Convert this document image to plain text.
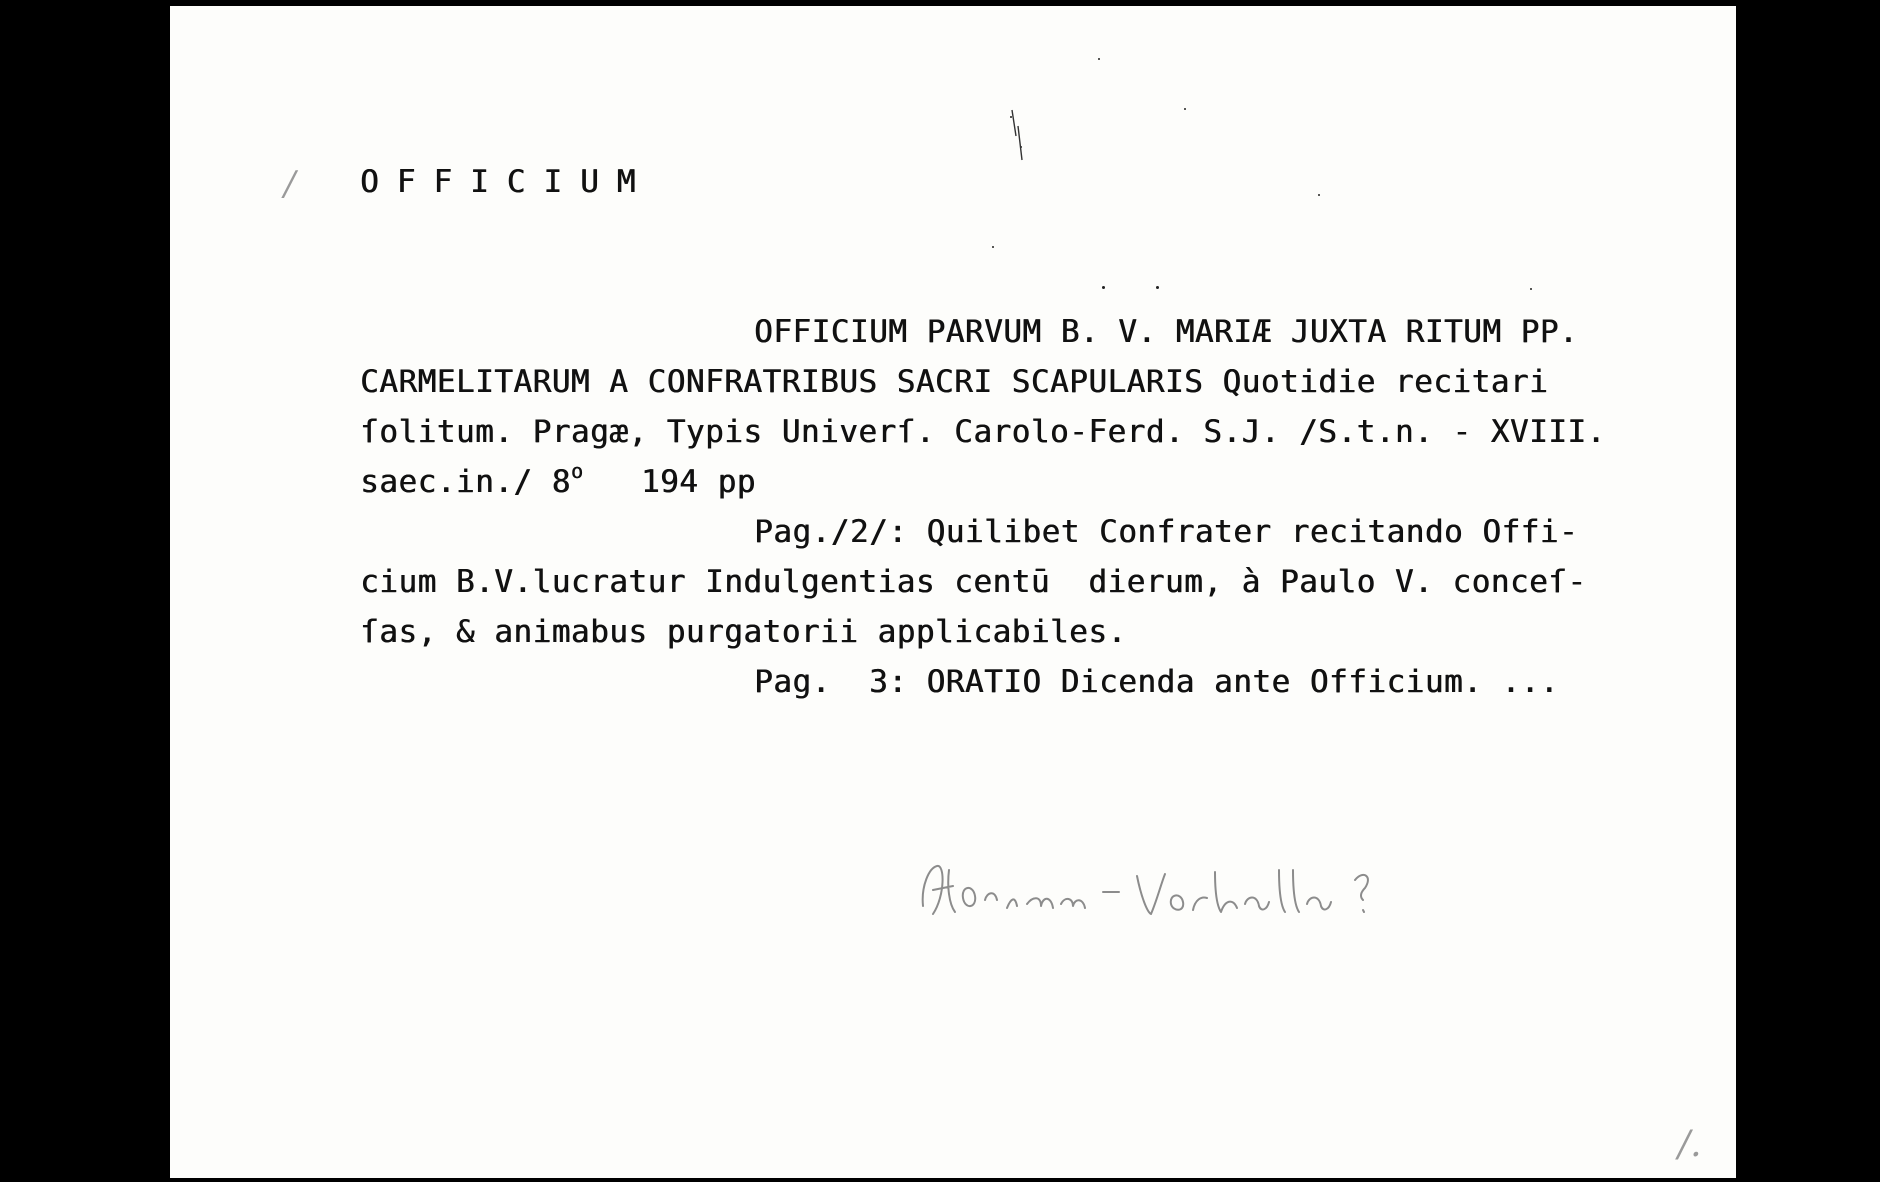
/ OFFICIUM
OFFICIUM PARVUM B. V. MARIÆ JUXTA RITUM PP.
CARMELITARUM A CONFRATRIBUS SACRI SCAPULARIS Quotidie recitari
ſolitum. Pragæ, Typis Univerſ. Carolo-Ferd. S.J. /S.t.n. - XVIII.
saec.in./ 8$^o$ 194 pp
Pag./2/: Quilibet Confrater recitando Offi-
cium B.V.lucratur Indulgentias centū  dierum, à Paulo V. conceſ-
ſas, & animabus purgatorii applicabiles.
Pag.  3: ORATIO Dicenda ante Officium. ...
/.
